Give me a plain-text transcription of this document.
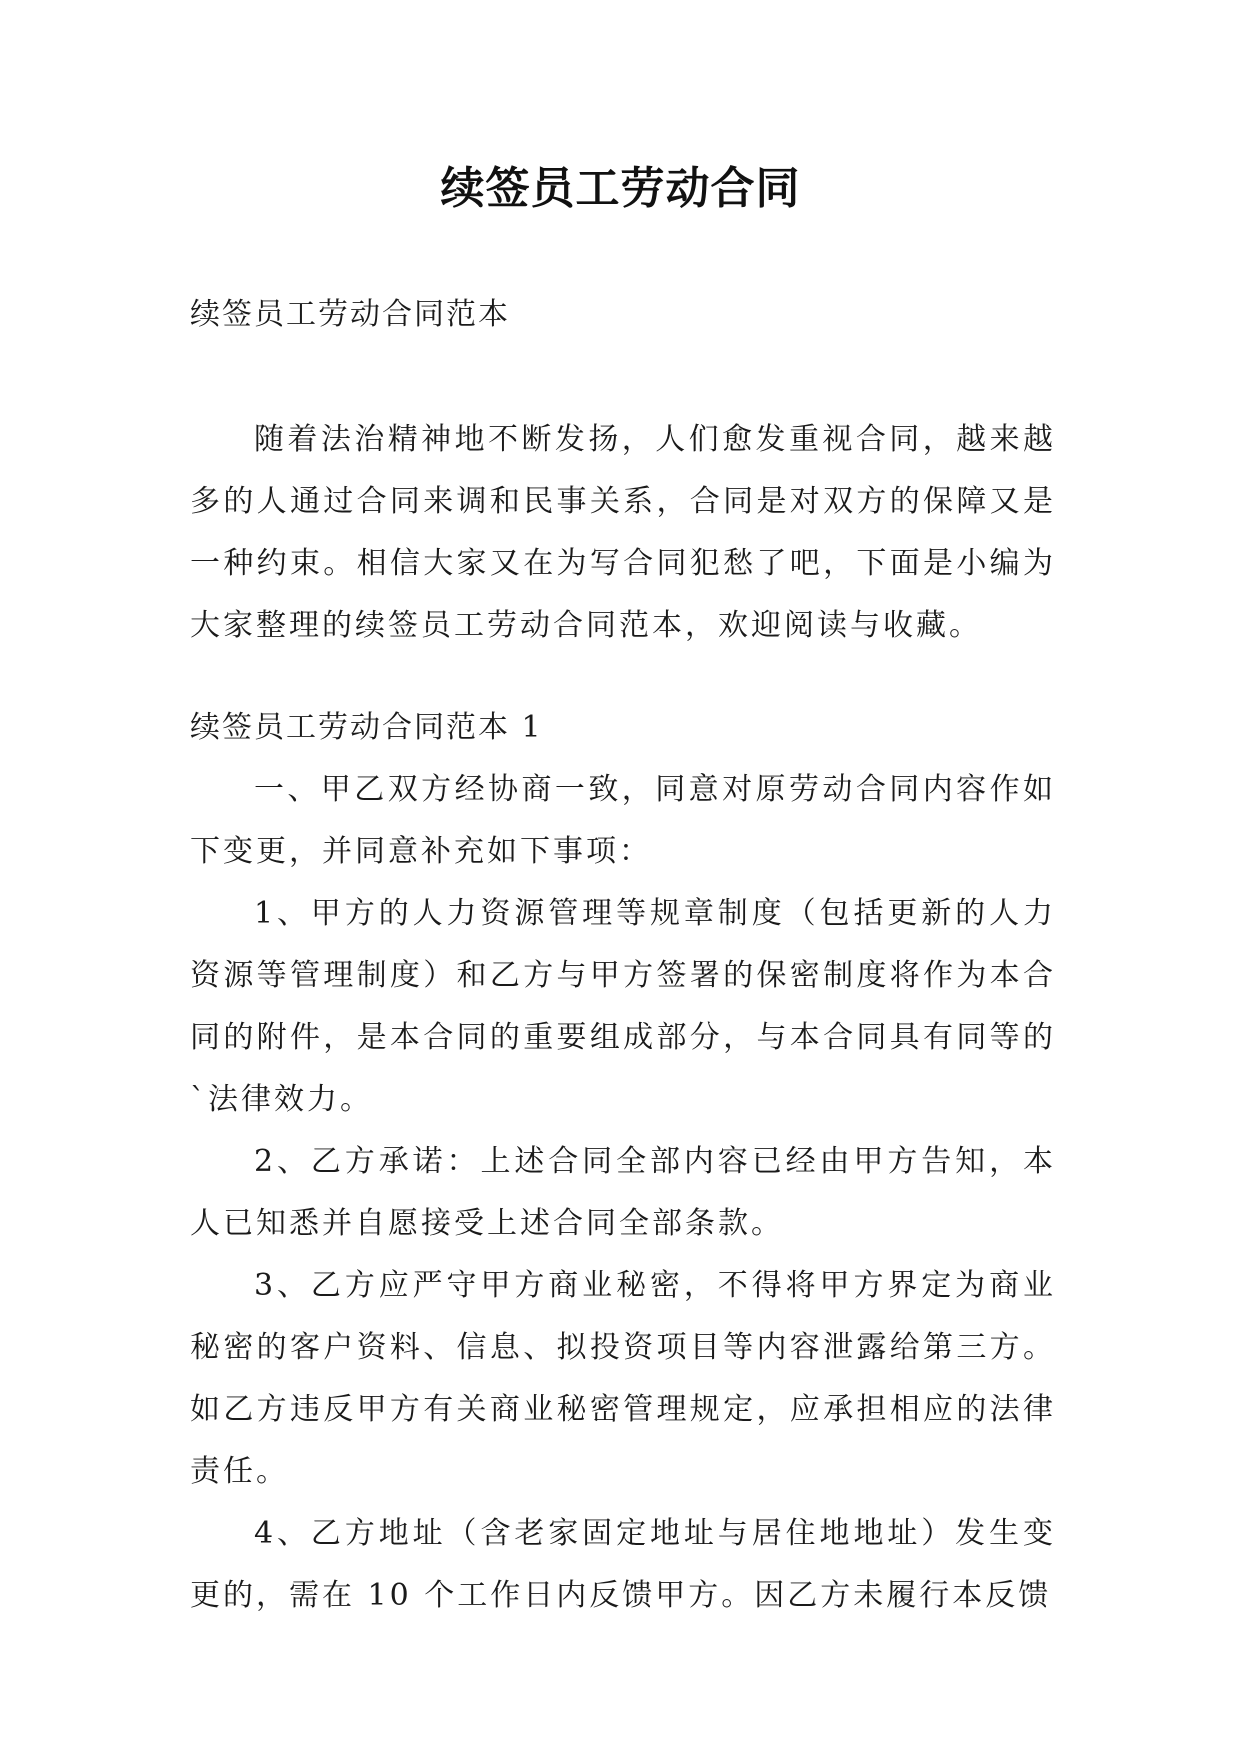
续签员工劳动合同

续签员工劳动合同范本

随着法治精神地不断发扬，人们愈发重视合同，越来越多的人通过合同来调和民事关系，合同是对双方的保障又是一种约束。相信大家又在为写合同犯愁了吧，下面是小编为大家整理的续签员工劳动合同范本，欢迎阅读与收藏。

续签员工劳动合同范本 1

一、甲乙双方经协商一致，同意对原劳动合同内容作如下变更，并同意补充如下事项：

1、甲方的人力资源管理等规章制度（包括更新的人力资源等管理制度）和乙方与甲方签署的保密制度将作为本合同的附件，是本合同的重要组成部分，与本合同具有同等的`法律效力。

2、乙方承诺：上述合同全部内容已经由甲方告知，本人已知悉并自愿接受上述合同全部条款。

3、乙方应严守甲方商业秘密，不得将甲方界定为商业秘密的客户资料、信息、拟投资项目等内容泄露给第三方。如乙方违反甲方有关商业秘密管理规定，应承担相应的法律责任。

4、乙方地址（含老家固定地址与居住地地址）发生变更的，需在 10 个工作日内反馈甲方。因乙方未履行本反馈
